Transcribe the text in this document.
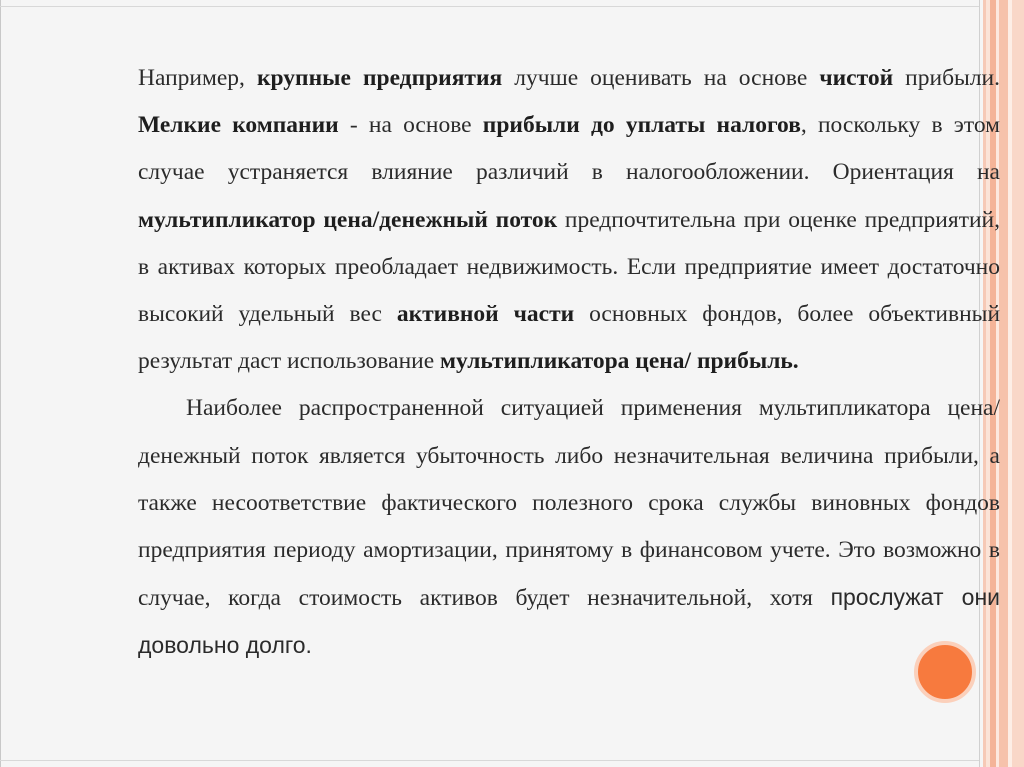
Например, крупные предприятия лучше оценивать на основе чистой прибыли. Мелкие компании - на основе прибыли до уплаты налогов, поскольку в этом случае устраняется влияние различий в налогообложении. Ориентация на мультипликатор цена/денежный поток предпочтительна при оценке предприятий, в активах которых преобладает недвижимость. Если предприятие имеет достаточно высокий удельный вес активной части основных фондов, более объективный результат даст использование мультипликатора цена/ прибыль.

Наиболее распространенной ситуацией применения мультипликатора цена/денежный поток является убыточность либо незначительная величина прибыли, а также несоответствие фактического полезного срока службы виновных фондов предприятия периоду амортизации, принятому в финансовом учете. Это возможно в случае, когда стоимость активов будет незначительной, хотя прослужат они довольно долго.
